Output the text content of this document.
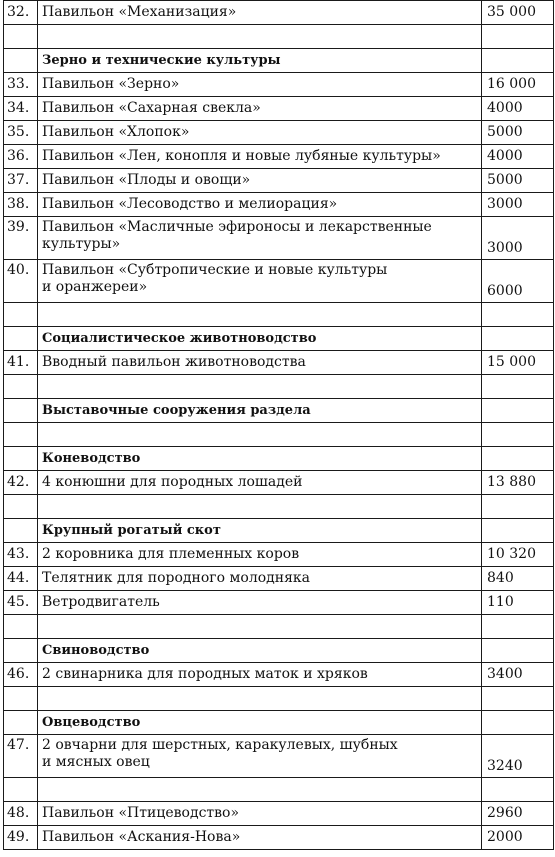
32.	Павильон «Механизация»	35 000

	Зерно и технические культуры	
33.	Павильон «Зерно»	16 000
34.	Павильон «Сахарная свекла»	4000
35.	Павильон «Хлопок»	5000
36.	Павильон «Лен, конопля и новые лубяные культуры»	4000
37.	Павильон «Плоды и овощи»	5000
38.	Павильон «Лесоводство и мелиорация»	3000
39.	Павильон «Масличные эфироносы и лекарственные
культуры»	3000
40.	Павильон «Субтропические и новые культуры
и оранжереи»	6000

	Социалистическое животноводство	
41.	Вводный павильон животноводства	15 000

	Выставочные сооружения раздела	

	Коневодство	
42.	4 конюшни для породных лошадей	13 880

	Крупный рогатый скот	
43.	2 коровника для племенных коров	10 320
44.	Телятник для породного молодняка	840
45.	Ветродвигатель	110

	Свиноводство	
46.	2 свинарника для породных маток и хряков	3400

	Овцеводство	
47.	2 овчарни для шерстных, каракулевых, шубных
и мясных овец	3240

48.	Павильон «Птицеводство»	2960
49.	Павильон «Аскания-Нова»	2000
